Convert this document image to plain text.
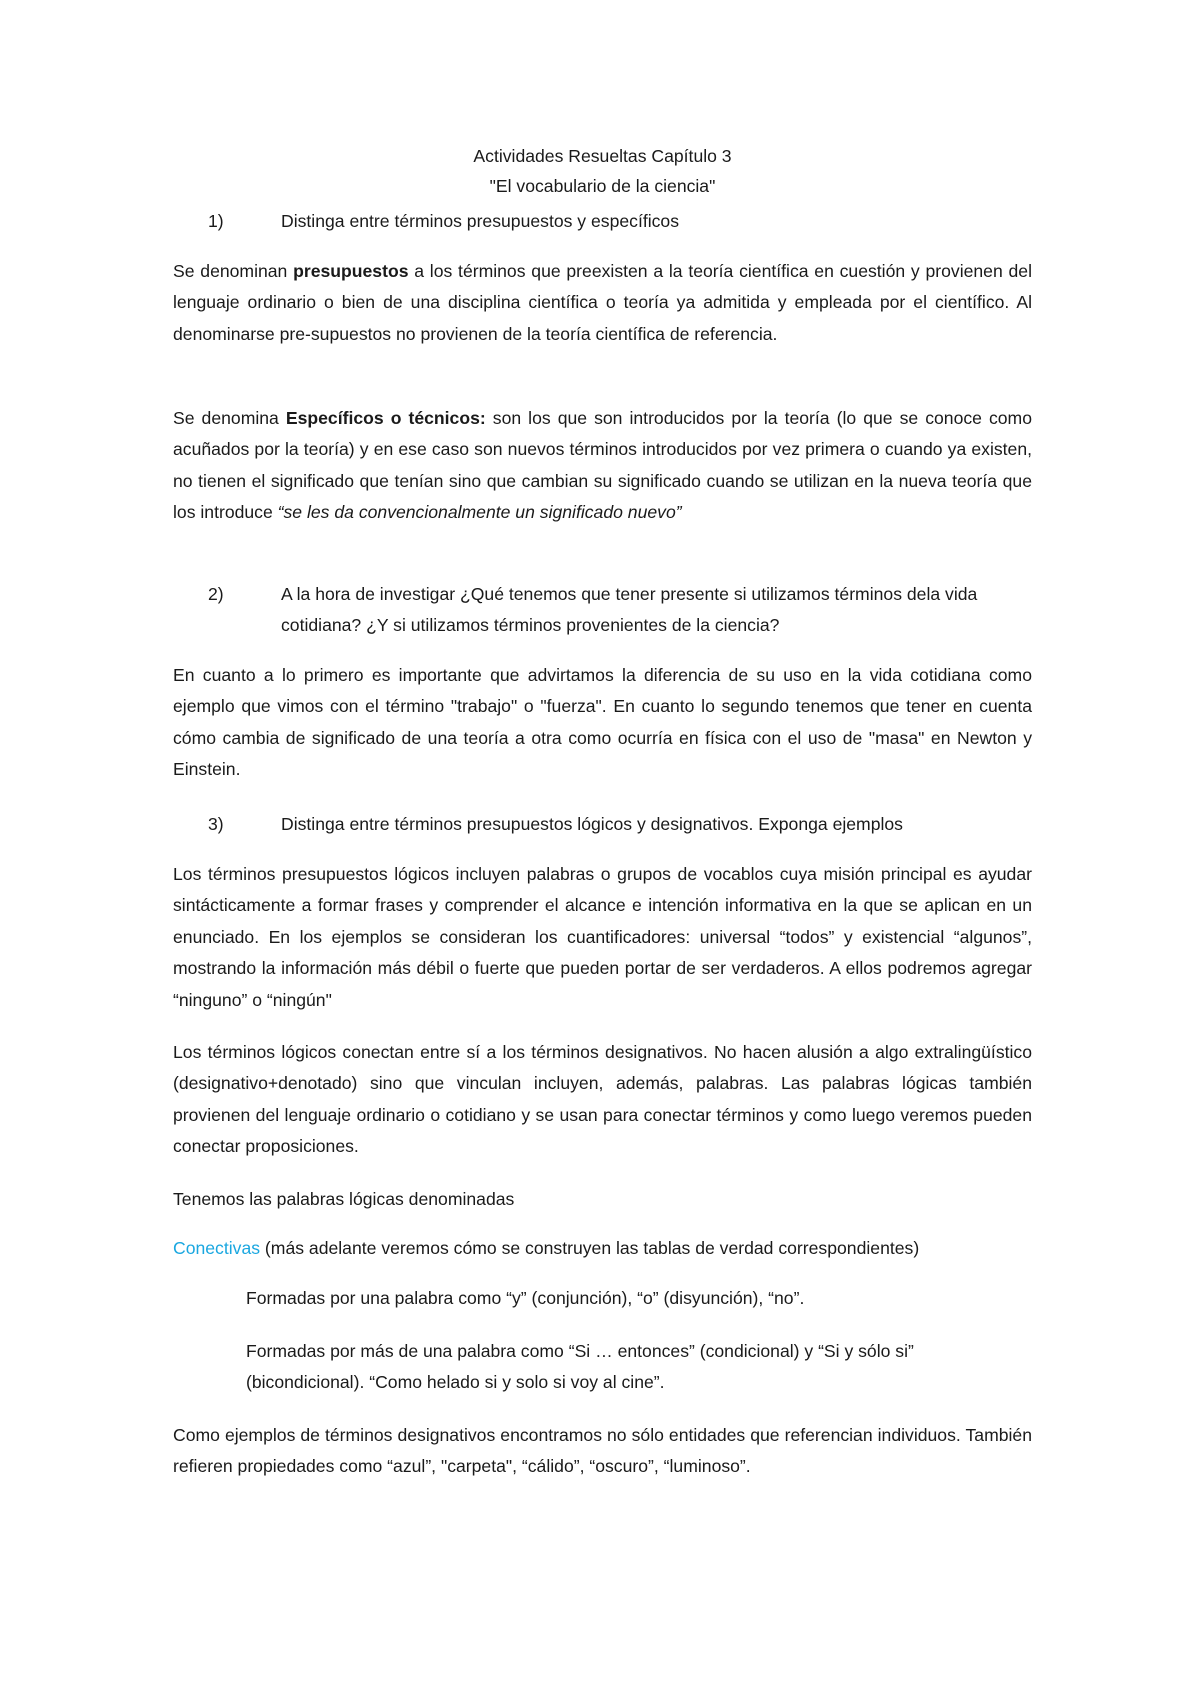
Actividades Resueltas Capítulo 3
"El vocabulario de la ciencia"
1)	Distinga entre términos presupuestos y específicos

Se denominan presupuestos a los términos que preexisten a la teoría científica en cuestión y provienen del lenguaje ordinario o bien de una disciplina científica o teoría ya admitida y empleada por el científico. Al denominarse pre-supuestos no provienen de la teoría científica de referencia.

Se denomina Específicos o técnicos: son los que son introducidos por la teoría (lo que se conoce como acuñados por la teoría) y en ese caso son nuevos términos introducidos por vez primera o cuando ya existen, no tienen el significado que tenían sino que cambian su significado cuando se utilizan en la nueva teoría que los introduce “se les da convencionalmente un significado nuevo”

2)	A la hora de investigar ¿Qué tenemos que tener presente si utilizamos términos dela vida cotidiana? ¿Y si utilizamos términos provenientes de la ciencia?

En cuanto a lo primero es importante que advirtamos la diferencia de su uso en la vida cotidiana como ejemplo que vimos con el término "trabajo" o "fuerza". En cuanto lo segundo tenemos que tener en cuenta cómo cambia de significado de una teoría a otra como ocurría en física con el uso de "masa" en Newton y Einstein.

3)	Distinga entre términos presupuestos lógicos y designativos. Exponga ejemplos

Los términos presupuestos lógicos incluyen palabras o grupos de vocablos cuya misión principal es ayudar sintácticamente a formar frases y comprender el alcance e intención informativa en la que se aplican en un enunciado. En los ejemplos se consideran los cuantificadores: universal “todos” y existencial “algunos”, mostrando la información más débil o fuerte que pueden portar de ser verdaderos. A ellos podremos agregar “ninguno” o “ningún"

Los términos lógicos conectan entre sí a los términos designativos. No hacen alusión a algo extralingüístico (designativo+denotado) sino que vinculan incluyen, además, palabras. Las palabras lógicas también provienen del lenguaje ordinario o cotidiano y se usan para conectar términos y como luego veremos pueden conectar proposiciones.

Tenemos las palabras lógicas denominadas

Conectivas (más adelante veremos cómo se construyen las tablas de verdad correspondientes)

Formadas por una palabra como “y” (conjunción), “o” (disyunción), “no”.
Formadas por más de una palabra como “Si … entonces” (condicional) y “Si y sólo si” (bicondicional). “Como helado si y solo si voy al cine”.

Como ejemplos de términos designativos encontramos no sólo entidades que referencian individuos. También refieren propiedades como “azul”, "carpeta", “cálido”, “oscuro”, “luminoso”.
